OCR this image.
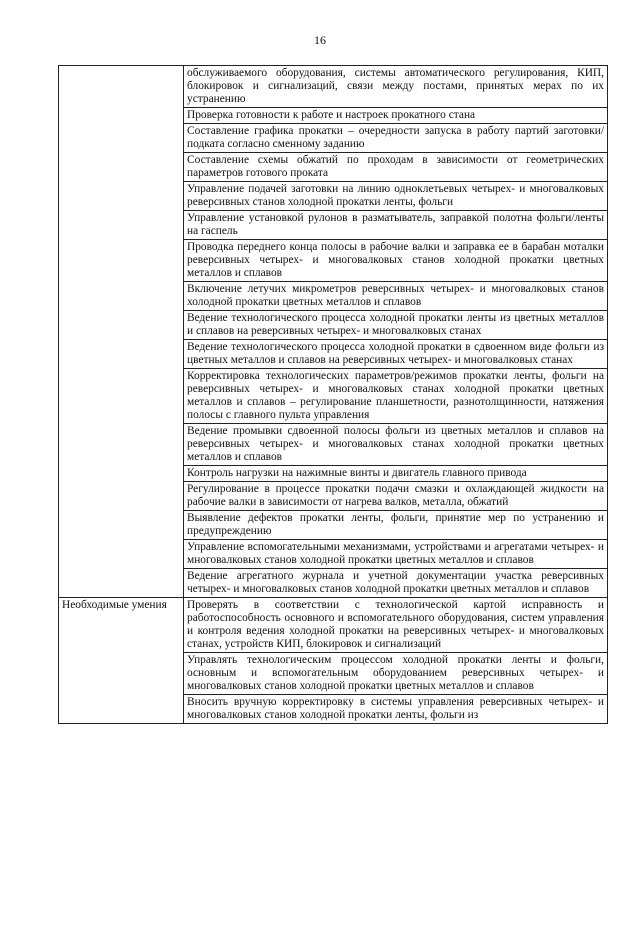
16
	обслуживаемого оборудования, системы автоматического регулирования, КИП, блокировок и сигнализаций, связи между постами, принятых мерах по их устранению
	Проверка готовности к работе и настроек прокатного стана
	Составление графика прокатки – очередности запуска в работу партий заготовки/подката согласно сменному заданию
	Составление схемы обжатий по проходам в зависимости от геометрических параметров готового проката
	Управление подачей заготовки на линию одноклетьевых четырех- и многовалковых реверсивных станов холодной прокатки ленты, фольги
	Управление установкой рулонов в разматыватель, заправкой полотна фольги/ленты на гаспель
	Проводка переднего конца полосы в рабочие валки и заправка ее в барабан моталки реверсивных четырех- и многовалковых станов холодной прокатки цветных металлов и сплавов
	Включение летучих микрометров реверсивных четырех- и многовалковых станов холодной прокатки цветных металлов и сплавов
	Ведение технологического процесса холодной прокатки ленты из цветных металлов и сплавов на реверсивных четырех- и многовалковых станах
	Ведение технологического процесса холодной прокатки в сдвоенном виде фольги из цветных металлов и сплавов на реверсивных четырех- и многовалковых станах
	Корректировка технологических параметров/режимов прокатки ленты, фольги на реверсивных четырех- и многовалковых станах холодной прокатки цветных металлов и сплавов – регулирование планшетности, разнотолщинности, натяжения полосы с главного пульта управления
	Ведение промывки сдвоенной полосы фольги из цветных металлов и сплавов на реверсивных четырех- и многовалковых станах холодной прокатки цветных металлов и сплавов
	Контроль нагрузки на нажимные винты и двигатель главного привода
	Регулирование в процессе прокатки подачи смазки и охлаждающей жидкости на рабочие валки в зависимости от нагрева валков, металла, обжатий
	Выявление дефектов прокатки ленты, фольги, принятие мер по устранению и предупреждению
	Управление вспомогательными механизмами, устройствами и агрегатами четырех- и многовалковых станов холодной прокатки цветных металлов и сплавов
	Ведение агрегатного журнала и учетной документации участка реверсивных четырех- и многовалковых станов холодной прокатки цветных металлов и сплавов
Необходимые умения	Проверять в соответствии с технологической картой исправность и работоспособность основного и вспомогательного оборудования, систем управления и контроля ведения холодной прокатки на реверсивных четырех- и многовалковых станах, устройств КИП, блокировок и сигнализаций
	Управлять технологическим процессом холодной прокатки ленты и фольги, основным и вспомогательным оборудованием реверсивных четырех- и многовалковых станов холодной прокатки цветных металлов и сплавов
	Вносить вручную корректировку в системы управления реверсивных четырех- и многовалковых станов холодной прокатки ленты, фольги из
